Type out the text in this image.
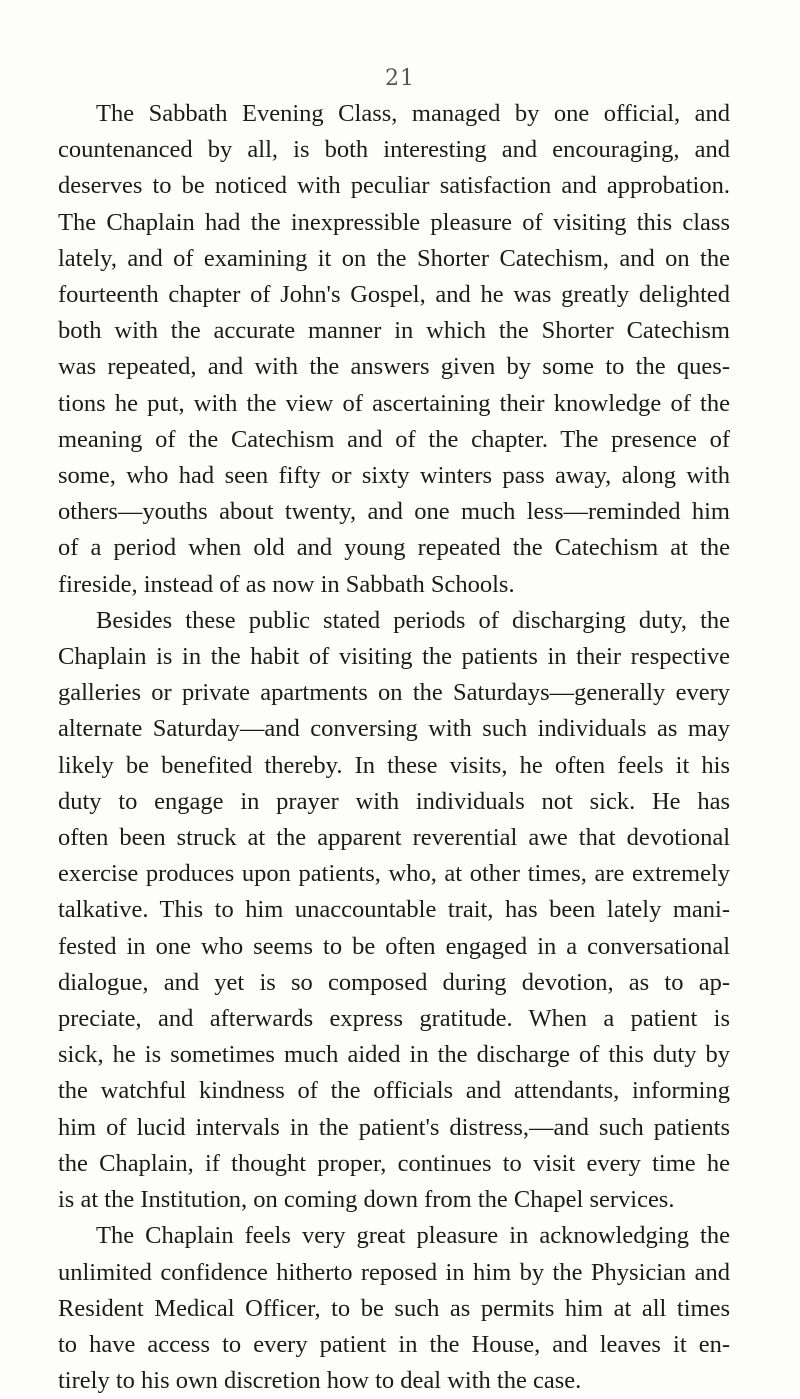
21
The Sabbath Evening Class, managed by one official, and
countenanced by all, is both interesting and encouraging, and
deserves to be noticed with peculiar satisfaction and approbation.
The Chaplain had the inexpressible pleasure of visiting this class
lately, and of examining it on the Shorter Catechism, and on the
fourteenth chapter of John's Gospel, and he was greatly delighted
both with the accurate manner in which the Shorter Catechism
was repeated, and with the answers given by some to the ques-
tions he put, with the view of ascertaining their knowledge of the
meaning of the Catechism and of the chapter. The presence of
some, who had seen fifty or sixty winters pass away, along with
others—youths about twenty, and one much less—reminded him
of a period when old and young repeated the Catechism at the
fireside, instead of as now in Sabbath Schools.
Besides these public stated periods of discharging duty, the
Chaplain is in the habit of visiting the patients in their respective
galleries or private apartments on the Saturdays—generally every
alternate Saturday—and conversing with such individuals as may
likely be benefited thereby. In these visits, he often feels it his
duty to engage in prayer with individuals not sick. He has
often been struck at the apparent reverential awe that devotional
exercise produces upon patients, who, at other times, are extremely
talkative. This to him unaccountable trait, has been lately mani-
fested in one who seems to be often engaged in a conversational
dialogue, and yet is so composed during devotion, as to ap-
preciate, and afterwards express gratitude. When a patient is
sick, he is sometimes much aided in the discharge of this duty by
the watchful kindness of the officials and attendants, informing
him of lucid intervals in the patient's distress,—and such patients
the Chaplain, if thought proper, continues to visit every time he
is at the Institution, on coming down from the Chapel services.
The Chaplain feels very great pleasure in acknowledging the
unlimited confidence hitherto reposed in him by the Physician and
Resident Medical Officer, to be such as permits him at all times
to have access to every patient in the House, and leaves it en-
tirely to his own discretion how to deal with the case.
